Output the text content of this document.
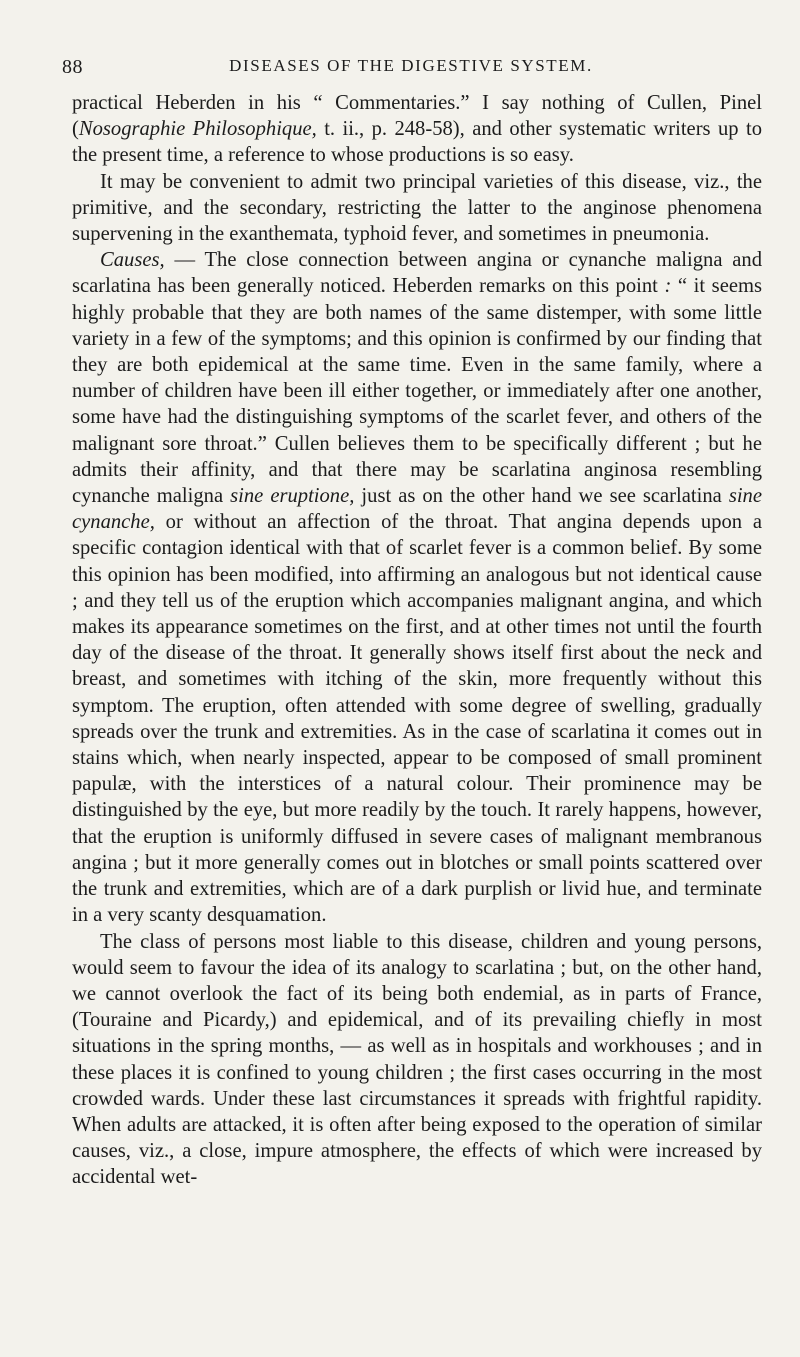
88	DISEASES OF THE DIGESTIVE SYSTEM.

practical Heberden in his “ Commentaries.” I say nothing of Cullen, Pinel (Nosographie Philosophique, t. ii., p. 248-58), and other systematic writers up to the present time, a reference to whose productions is so easy.

It may be convenient to admit two principal varieties of this disease, viz., the primitive, and the secondary, restricting the latter to the anginose phenomena supervening in the exanthemata, typhoid fever, and sometimes in pneumonia.

Causes, — The close connection between angina or cynanche maligna and scarlatina has been generally noticed. Heberden remarks on this point : “ it seems highly probable that they are both names of the same distemper, with some little variety in a few of the symptoms; and this opinion is confirmed by our finding that they are both epidemical at the same time. Even in the same family, where a number of children have been ill either together, or immediately after one another, some have had the distinguishing symptoms of the scarlet fever, and others of the malignant sore throat.” Cullen believes them to be specifically different ; but he admits their affinity, and that there may be scarlatina anginosa resembling cynanche maligna sine eruptione, just as on the other hand we see scarlatina sine cynanche, or without an affection of the throat. That angina depends upon a specific contagion identical with that of scarlet fever is a common belief. By some this opinion has been modified, into affirming an analogous but not identical cause ; and they tell us of the eruption which accompanies malignant angina, and which makes its appearance sometimes on the first, and at other times not until the fourth day of the disease of the throat. It generally shows itself first about the neck and breast, and sometimes with itching of the skin, more frequently without this symptom. The eruption, often attended with some degree of swelling, gradually spreads over the trunk and extremities. As in the case of scarlatina it comes out in stains which, when nearly inspected, appear to be composed of small prominent papulæ, with the interstices of a natural colour. Their prominence may be distinguished by the eye, but more readily by the touch. It rarely happens, however, that the eruption is uniformly diffused in severe cases of malignant membranous angina ; but it more generally comes out in blotches or small points scattered over the trunk and extremities, which are of a dark purplish or livid hue, and terminate in a very scanty desquamation.

The class of persons most liable to this disease, children and young persons, would seem to favour the idea of its analogy to scarlatina ; but, on the other hand, we cannot overlook the fact of its being both endemial, as in parts of France, (Touraine and Picardy,) and epidemical, and of its prevailing chiefly in most situations in the spring months, — as well as in hospitals and workhouses ; and in these places it is confined to young children ; the first cases occurring in the most crowded wards. Under these last circumstances it spreads with frightful rapidity. When adults are attacked, it is often after being exposed to the operation of similar causes, viz., a close, impure atmosphere, the effects of which were increased by accidental wet-
